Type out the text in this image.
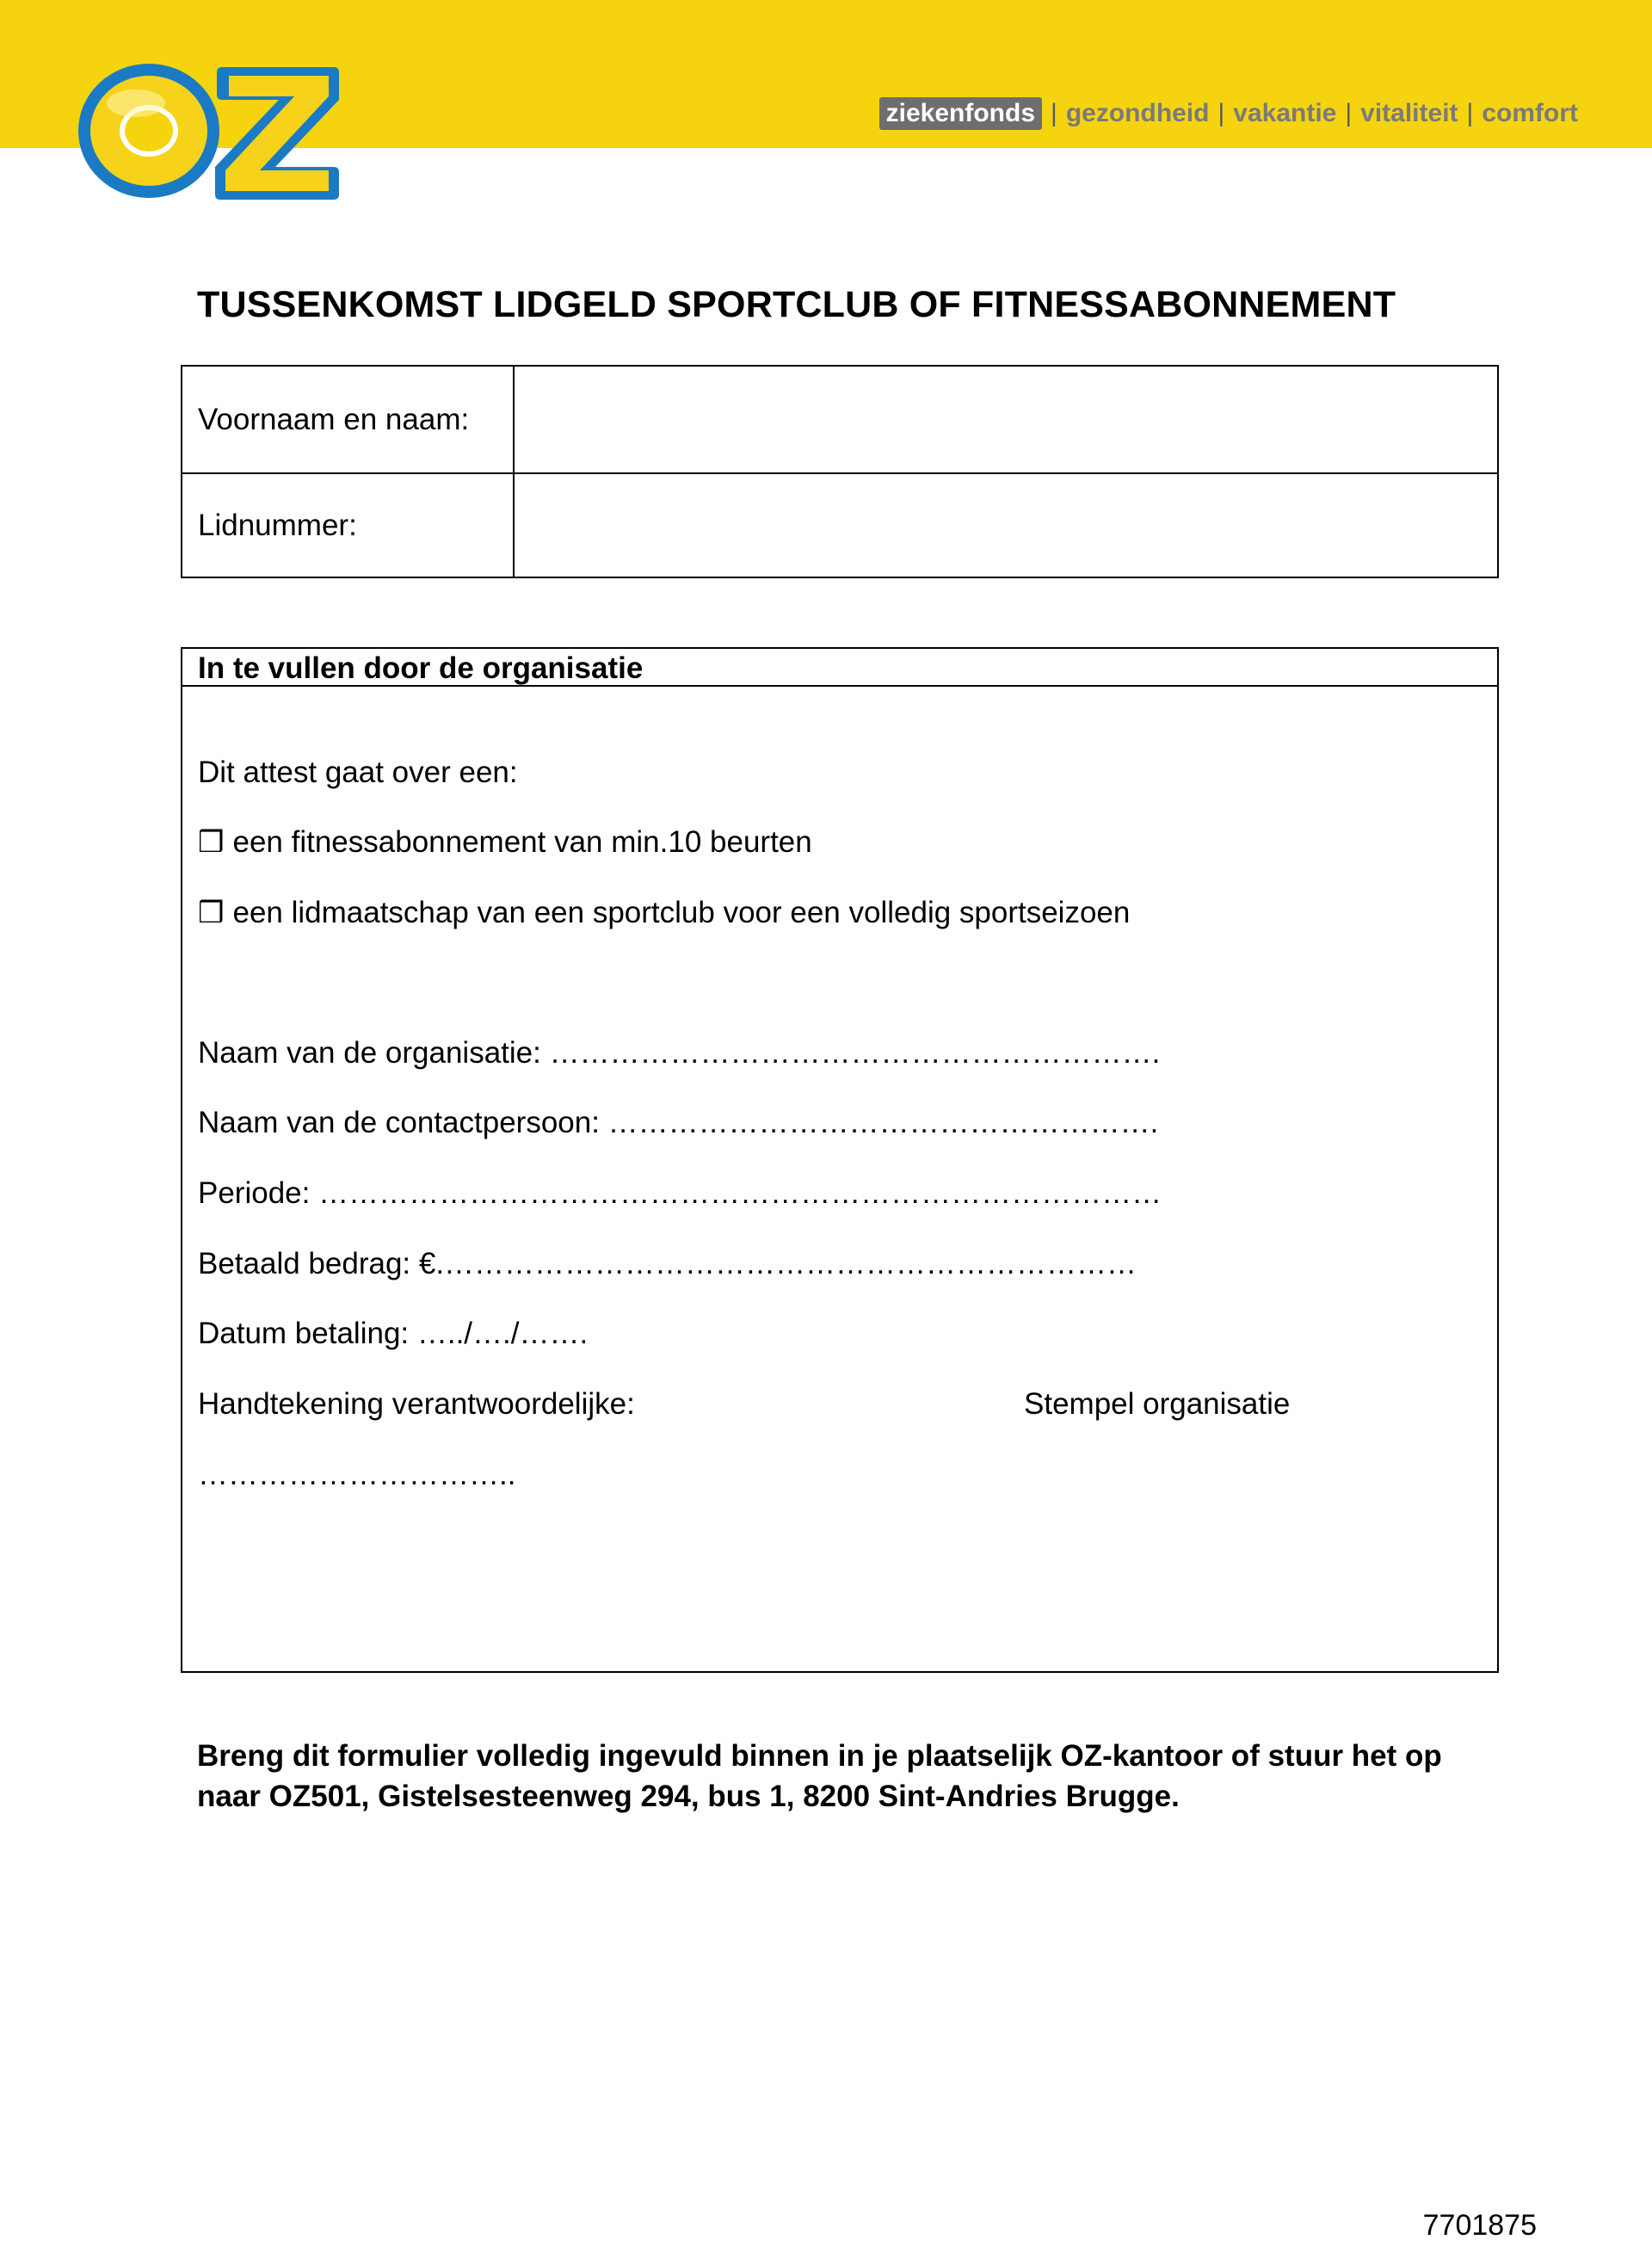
ziekenfonds | gezondheid | vakantie | vitaliteit | comfort
TUSSENKOMST LIDGELD SPORTCLUB OF FITNESSABONNEMENT
Voornaam en naam:
Lidnummer:
In te vullen door de organisatie
Dit attest gaat over een:
❒ een fitnessabonnement van min.10 beurten
❒ een lidmaatschap van een sportclub voor een volledig sportseizoen
Naam van de organisatie: …………………………………………………….
Naam van de contactpersoon: ……………………………………………….
Periode: …………………………………………………………………………
Betaald bedrag: €.……………………………………………………………
Datum betaling: …../…./…….
Handtekening verantwoordelijke:	Stempel organisatie
…………………………..
Breng dit formulier volledig ingevuld binnen in je plaatselijk OZ-kantoor of stuur het op naar OZ501, Gistelsesteenweg 294, bus 1, 8200 Sint-Andries Brugge.
7701875
